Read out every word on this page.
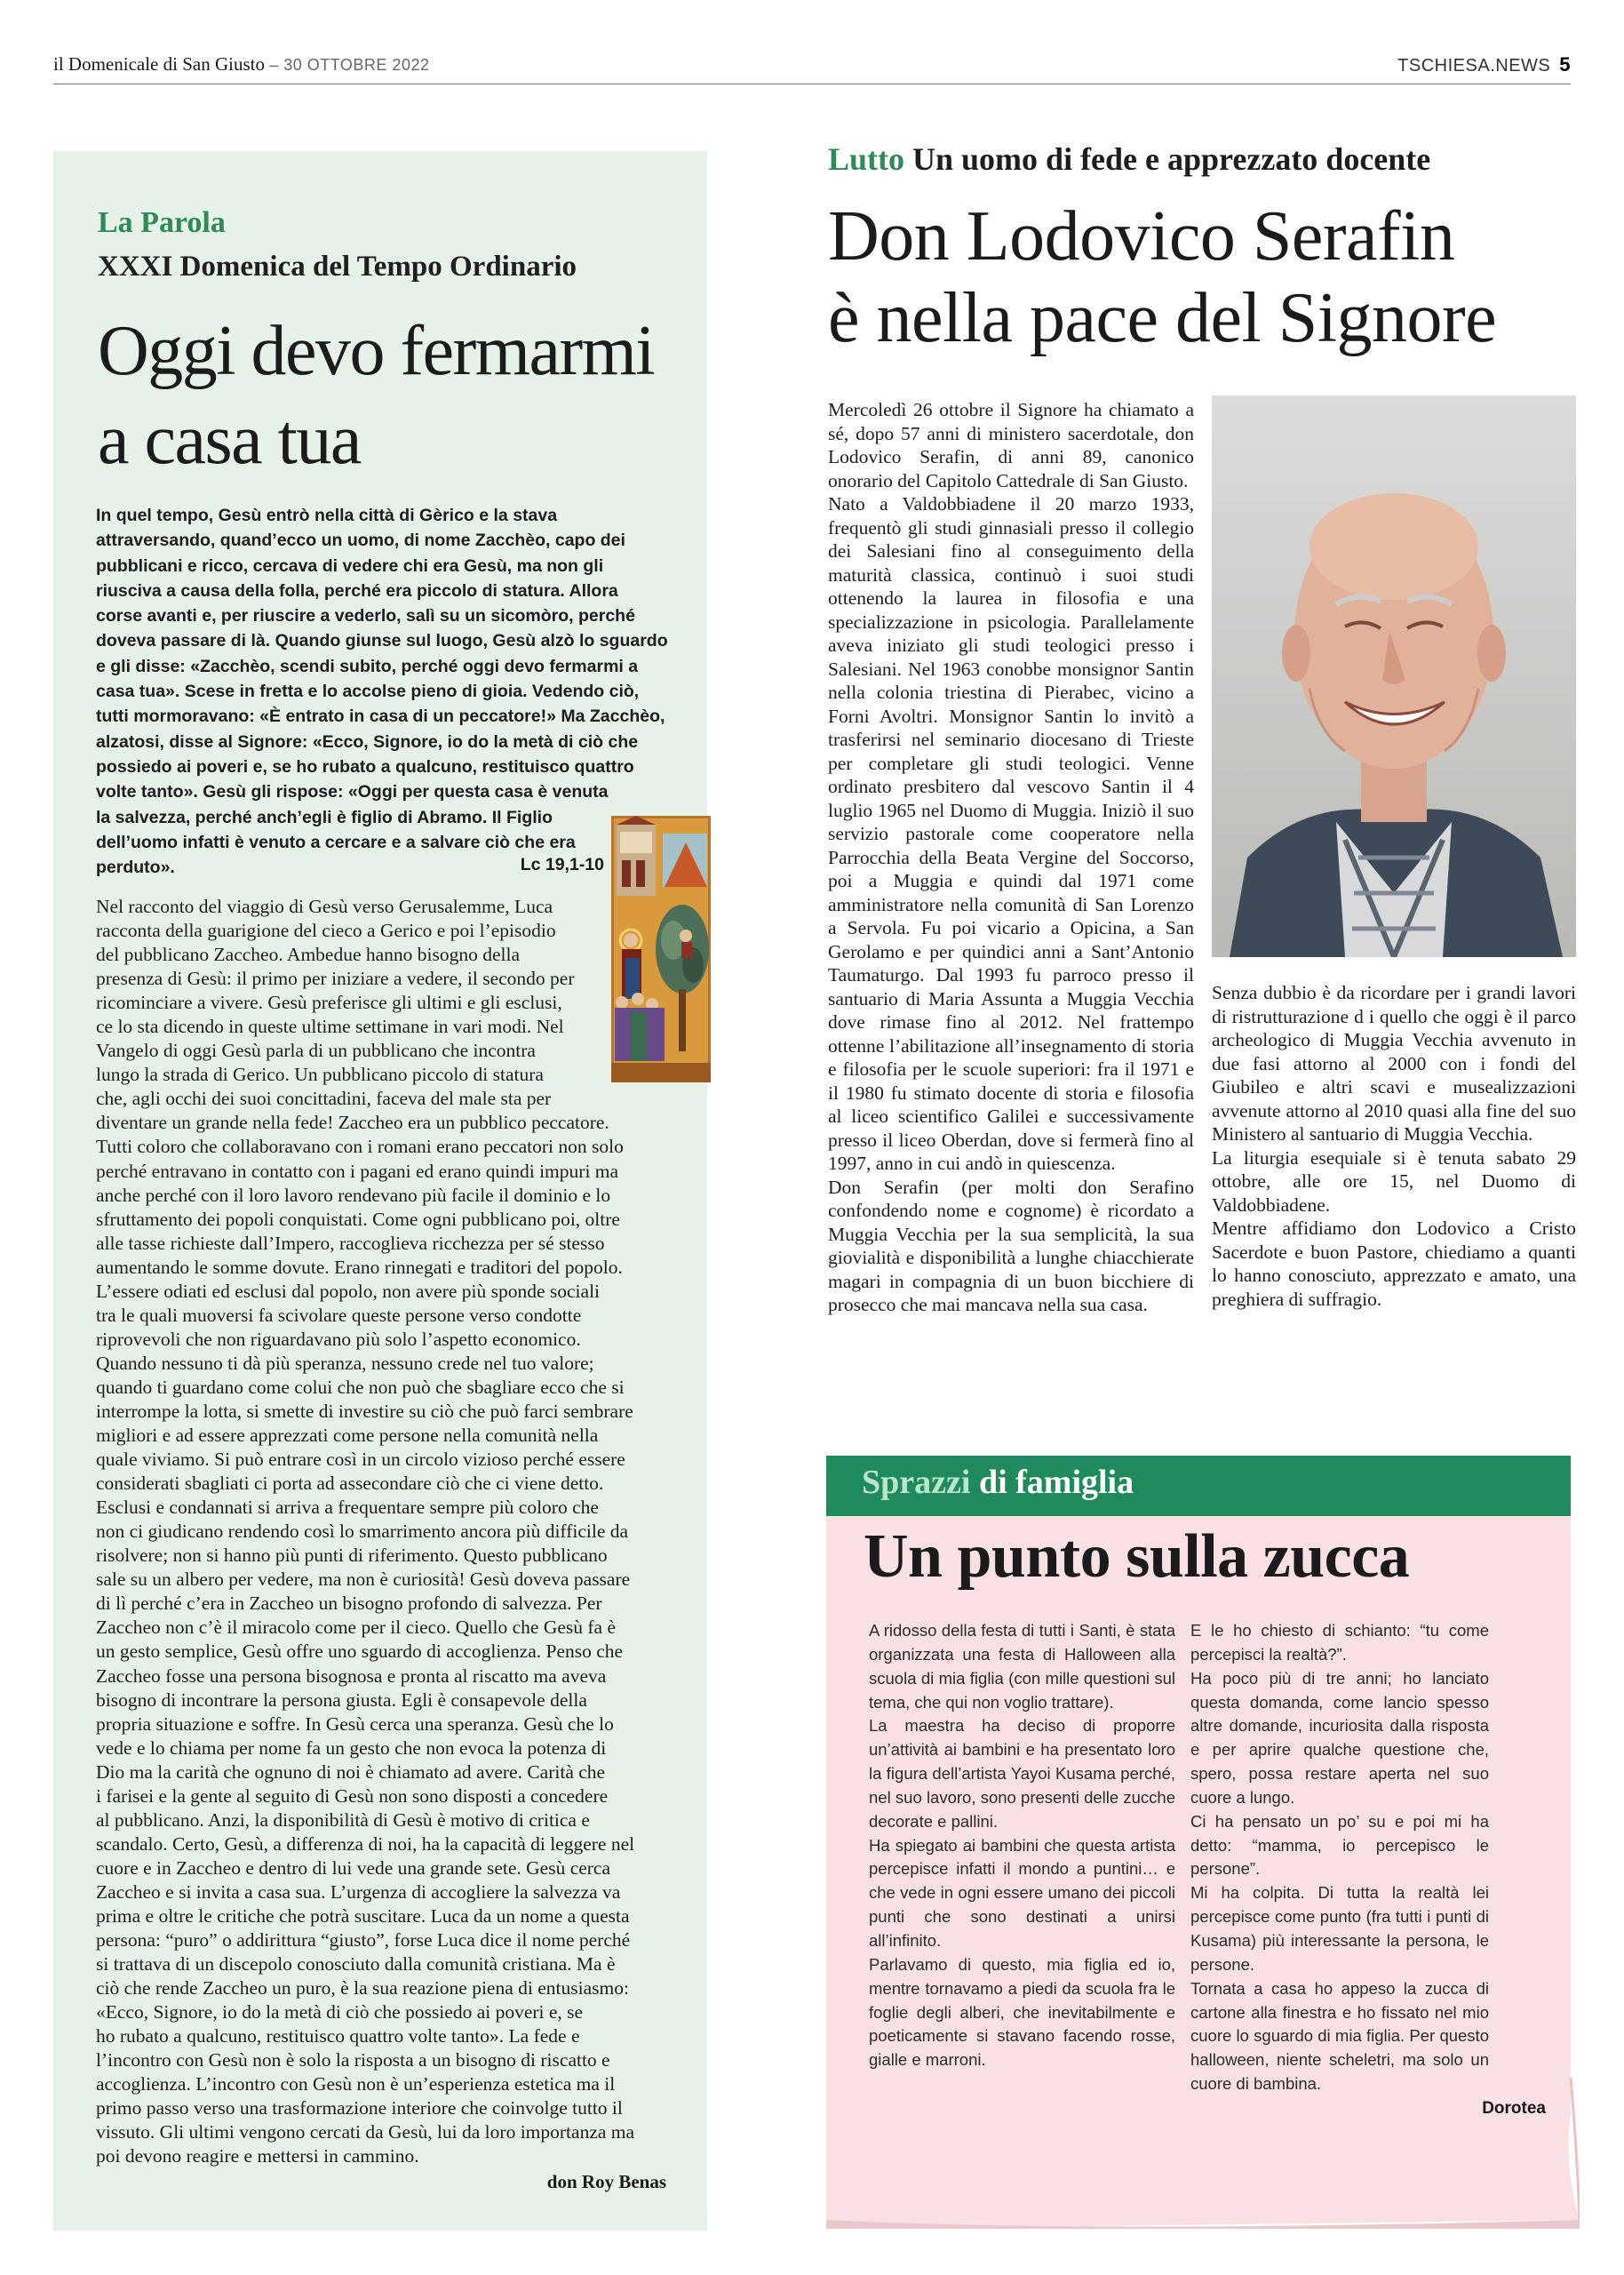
il Domenicale di San Giusto – 30 OTTOBRE 2022	TSCHIESA.NEWS 5
La Parola
XXXI Domenica del Tempo Ordinario
Oggi devo fermarmi
a casa tua
In quel tempo, Gesù entrò nella città di Gèrico e la stava
attraversando, quand’ecco un uomo, di nome Zacchèo, capo dei
pubblicani e ricco, cercava di vedere chi era Gesù, ma non gli
riusciva a causa della folla, perché era piccolo di statura. Allora
corse avanti e, per riuscire a vederlo, salì su un sicomòro, perché
doveva passare di là. Quando giunse sul luogo, Gesù alzò lo sguardo
e gli disse: «Zacchèo, scendi subito, perché oggi devo fermarmi a
casa tua». Scese in fretta e lo accolse pieno di gioia. Vedendo ciò,
tutti mormoravano: «È entrato in casa di un peccatore!» Ma Zacchèo,
alzatosi, disse al Signore: «Ecco, Signore, io do la metà di ciò che
possiedo ai poveri e, se ho rubato a qualcuno, restituisco quattro
volte tanto». Gesù gli rispose: «Oggi per questa casa è venuta
la salvezza, perché anch’egli è figlio di Abramo. Il Figlio
dell’uomo infatti è venuto a cercare e a salvare ciò che era
perduto».	Lc 19,1-10
Nel racconto del viaggio di Gesù verso Gerusalemme, Luca
racconta della guarigione del cieco a Gerico e poi l’episodio
del pubblicano Zaccheo. Ambedue hanno bisogno della
presenza di Gesù: il primo per iniziare a vedere, il secondo per
ricominciare a vivere. Gesù preferisce gli ultimi e gli esclusi,
ce lo sta dicendo in queste ultime settimane in vari modi. Nel
Vangelo di oggi Gesù parla di un pubblicano che incontra
lungo la strada di Gerico. Un pubblicano piccolo di statura
che, agli occhi dei suoi concittadini, faceva del male sta per
diventare un grande nella fede! Zaccheo era un pubblico peccatore.
Tutti coloro che collaboravano con i romani erano peccatori non solo
perché entravano in contatto con i pagani ed erano quindi impuri ma
anche perché con il loro lavoro rendevano più facile il dominio e lo
sfruttamento dei popoli conquistati. Come ogni pubblicano poi, oltre
alle tasse richieste dall’Impero, raccoglieva ricchezza per sé stesso
aumentando le somme dovute. Erano rinnegati e traditori del popolo.
L’essere odiati ed esclusi dal popolo, non avere più sponde sociali
tra le quali muoversi fa scivolare queste persone verso condotte
riprovevoli che non riguardavano più solo l’aspetto economico.
Quando nessuno ti dà più speranza, nessuno crede nel tuo valore;
quando ti guardano come colui che non può che sbagliare ecco che si
interrompe la lotta, si smette di investire su ciò che può farci sembrare
migliori e ad essere apprezzati come persone nella comunità nella
quale viviamo. Si può entrare così in un circolo vizioso perché essere
considerati sbagliati ci porta ad assecondare ciò che ci viene detto.
Esclusi e condannati si arriva a frequentare sempre più coloro che
non ci giudicano rendendo così lo smarrimento ancora più difficile da
risolvere; non si hanno più punti di riferimento. Questo pubblicano
sale su un albero per vedere, ma non è curiosità! Gesù doveva passare
di lì perché c’era in Zaccheo un bisogno profondo di salvezza. Per
Zaccheo non c’è il miracolo come per il cieco. Quello che Gesù fa è
un gesto semplice, Gesù offre uno sguardo di accoglienza. Penso che
Zaccheo fosse una persona bisognosa e pronta al riscatto ma aveva
bisogno di incontrare la persona giusta. Egli è consapevole della
propria situazione e soffre. In Gesù cerca una speranza. Gesù che lo
vede e lo chiama per nome fa un gesto che non evoca la potenza di
Dio ma la carità che ognuno di noi è chiamato ad avere. Carità che
i farisei e la gente al seguito di Gesù non sono disposti a concedere
al pubblicano. Anzi, la disponibilità di Gesù è motivo di critica e
scandalo. Certo, Gesù, a differenza di noi, ha la capacità di leggere nel
cuore e in Zaccheo e dentro di lui vede una grande sete. Gesù cerca
Zaccheo e si invita a casa sua. L’urgenza di accogliere la salvezza va
prima e oltre le critiche che potrà suscitare. Luca da un nome a questa
persona: “puro” o addirittura “giusto”, forse Luca dice il nome perché
si trattava di un discepolo conosciuto dalla comunità cristiana. Ma è
ciò che rende Zaccheo un puro, è la sua reazione piena di entusiasmo:
«Ecco, Signore, io do la metà di ciò che possiedo ai poveri e, se
ho rubato a qualcuno, restituisco quattro volte tanto». La fede e
l’incontro con Gesù non è solo la risposta a un bisogno di riscatto e
accoglienza. L’incontro con Gesù non è un’esperienza estetica ma il
primo passo verso una trasformazione interiore che coinvolge tutto il
vissuto. Gli ultimi vengono cercati da Gesù, lui da loro importanza ma
poi devono reagire e mettersi in cammino.
don Roy Benas
Lutto Un uomo di fede e apprezzato docente
Don Lodovico Serafin
è nella pace del Signore

Mercoledì 26 ottobre il Signore ha chiamato a sé, dopo 57 anni di ministero sacerdotale, don Lodovico Serafin, di anni 89, canonico onorario del Capitolo Cattedrale di San Giusto.

Nato a Valdobbiadene il 20 marzo 1933, frequentò gli studi ginnasiali presso il collegio dei Salesiani fino al conseguimento della maturità classica, continuò i suoi studi ottenendo la laurea in filosofia e una specializzazione in psicologia. Parallelamente aveva iniziato gli studi teologici presso i Salesiani. Nel 1963 conobbe monsignor Santin nella colonia triestina di Pierabec, vicino a Forni Avoltri. Monsignor Santin lo invitò a trasferirsi nel seminario diocesano di Trieste per completare gli studi teologici. Venne ordinato presbitero dal vescovo Santin il 4 luglio 1965 nel Duomo di Muggia. Iniziò il suo servizio pastorale come cooperatore nella Parrocchia della Beata Vergine del Soccorso, poi a Muggia e quindi dal 1971 come amministratore nella comunità di San Lorenzo a Servola. Fu poi vicario a Opicina, a San Gerolamo e per quindici anni a Sant’Antonio Taumaturgo. Dal 1993 fu parroco presso il santuario di Maria Assunta a Muggia Vecchia dove rimase fino al 2012. Nel frattempo ottenne l’abilitazione all’insegnamento di storia e filosofia per le scuole superiori: fra il 1971 e il 1980 fu stimato docente di storia e filosofia al liceo scientifico Galilei e successivamente presso il liceo Oberdan, dove si fermerà fino al 1997, anno in cui andò in quiescenza.

Don Serafin (per molti don Serafino confondendo nome e cognome) è ricordato a Muggia Vecchia per la sua semplicità, la sua giovialità e disponibilità a lunghe chiacchierate magari in compagnia di un buon bicchiere di prosecco che mai mancava nella sua casa.

Senza dubbio è da ricordare per i grandi lavori di ristrutturazione d i quello che oggi è il parco archeologico di Muggia Vecchia avvenuto in due fasi attorno al 2000 con i fondi del Giubileo e altri scavi e musealizzazioni avvenute attorno al 2010 quasi alla fine del suo Ministero al santuario di Muggia Vecchia.

La liturgia esequiale si è tenuta sabato 29 ottobre, alle ore 15, nel Duomo di Valdobbiadene.

Mentre affidiamo don Lodovico a Cristo Sacerdote e buon Pastore, chiediamo a quanti lo hanno conosciuto, apprezzato e amato, una preghiera di suffragio.

Sprazzi di famiglia
Un punto sulla zucca

A ridosso della festa di tutti i Santi, è stata organizzata una festa di Halloween alla scuola di mia figlia (con mille questioni sul tema, che qui non voglio trattare).

La maestra ha deciso di proporre un’attività ai bambini e ha presentato loro la figura dell’artista Yayoi Kusama perché, nel suo lavoro, sono presenti delle zucche decorate e pallini.

Ha spiegato ai bambini che questa artista percepisce infatti il mondo a puntini… e che vede in ogni essere umano dei piccoli punti che sono destinati a unirsi all’infinito.

Parlavamo di questo, mia figlia ed io, mentre tornavamo a piedi da scuola fra le foglie degli alberi, che inevitabilmente e poeticamente si stavano facendo rosse, gialle e marroni.

E le ho chiesto di schianto: “tu come percepisci la realtà?”.

Ha poco più di tre anni; ho lanciato questa domanda, come lancio spesso altre domande, incuriosita dalla risposta e per aprire qualche questione che, spero, possa restare aperta nel suo cuore a lungo.

Ci ha pensato un po’ su e poi mi ha detto: “mamma, io percepisco le persone”.

Mi ha colpita. Di tutta la realtà lei percepisce come punto (fra tutti i punti di Kusama) più interessante la persona, le persone.

Tornata a casa ho appeso la zucca di cartone alla finestra e ho fissato nel mio cuore lo sguardo di mia figlia. Per questo halloween, niente scheletri, ma solo un cuore di bambina.

Dorotea
